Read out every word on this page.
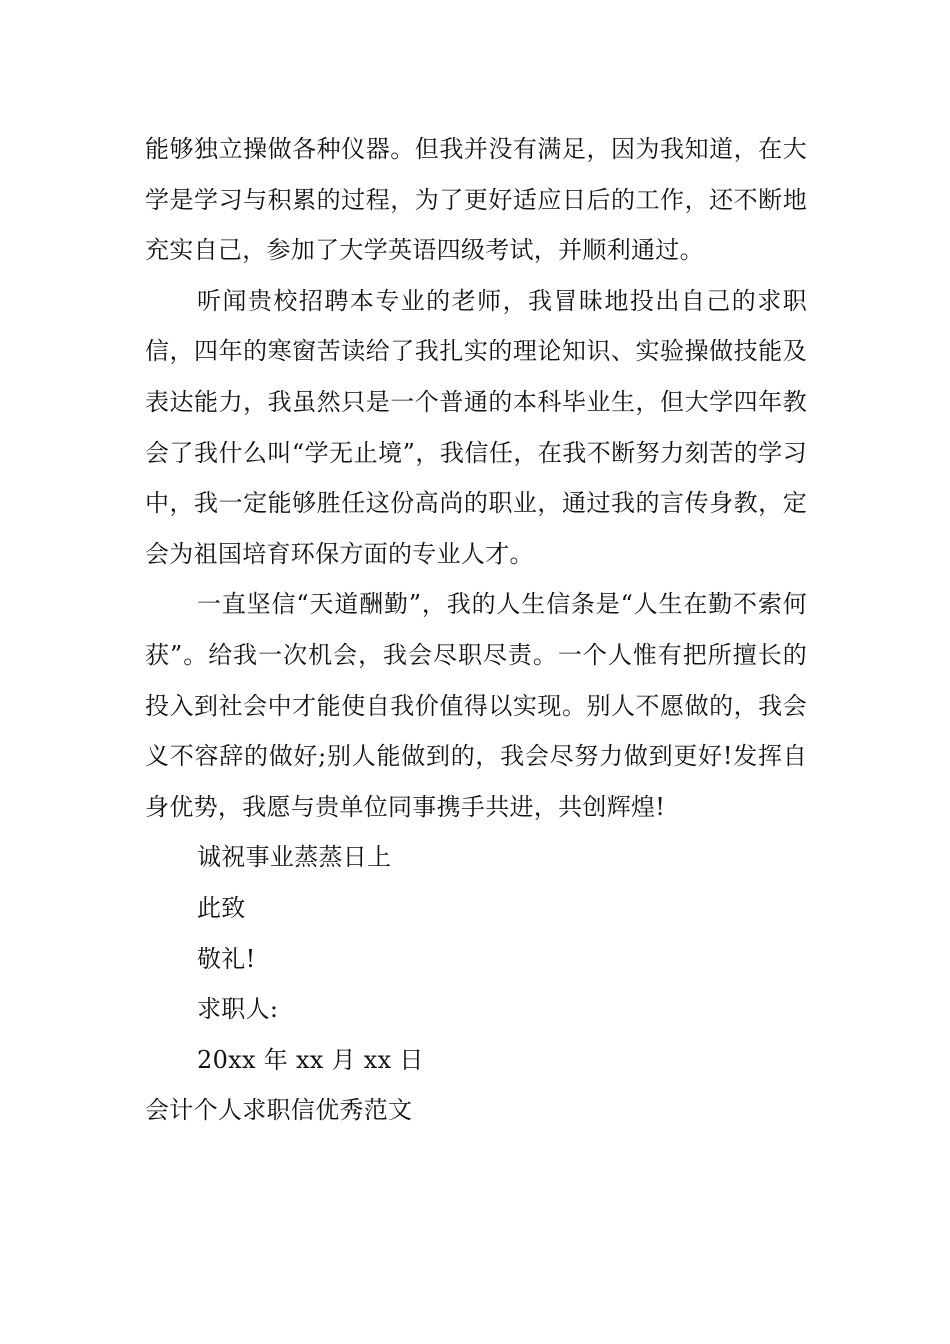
能够独立操做各种仪器。但我并没有满足，因为我知道，在大学是学习与积累的过程，为了更好适应日后的工作，还不断地充实自己，参加了大学英语四级考试，并顺利通过。

听闻贵校招聘本专业的老师，我冒昧地投出自己的求职信，四年的寒窗苦读给了我扎实的理论知识、实验操做技能及表达能力，我虽然只是一个普通的本科毕业生，但大学四年教会了我什么叫“学无止境”，我信任，在我不断努力刻苦的学习中，我一定能够胜任这份高尚的职业，通过我的言传身教，定会为祖国培育环保方面的专业人才。

一直坚信“天道酬勤”，我的人生信条是“人生在勤不索何获”。给我一次机会，我会尽职尽责。一个人惟有把所擅长的投入到社会中才能使自我价值得以实现。别人不愿做的，我会义不容辞的做好;别人能做到的，我会尽努力做到更好!发挥自身优势，我愿与贵单位同事携手共进，共创辉煌!

诚祝事业蒸蒸日上

此致

敬礼!

求职人:

20xx 年 xx 月 xx 日

会计个人求职信优秀范文
